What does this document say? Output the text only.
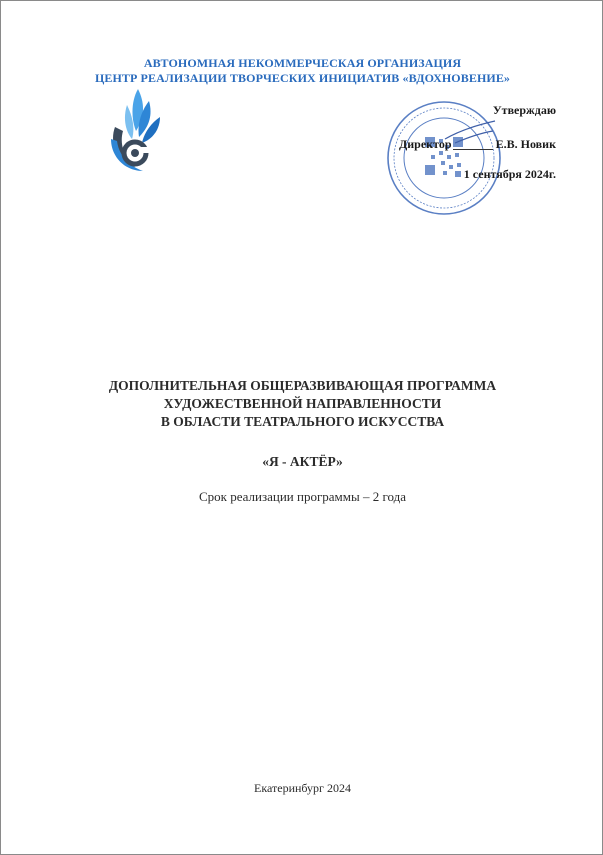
АВТОНОМНАЯ НЕКОММЕРЧЕСКАЯ ОРГАНИЗАЦИЯ
ЦЕНТР РЕАЛИЗАЦИИ ТВОРЧЕСКИХ ИНИЦИАТИВ «ВДОХНОВЕНИЕ»
Утверждаю
Директор	Е.В. Новик
1 сентября 2024г.
ДОПОЛНИТЕЛЬНАЯ ОБЩЕРАЗВИВАЮЩАЯ ПРОГРАММА
ХУДОЖЕСТВЕННОЙ НАПРАВЛЕННОСТИ
В ОБЛАСТИ ТЕАТРАЛЬНОГО ИСКУССТВА
«Я - АКТЁР»
Срок реализации программы – 2 года
Екатеринбург 2024
